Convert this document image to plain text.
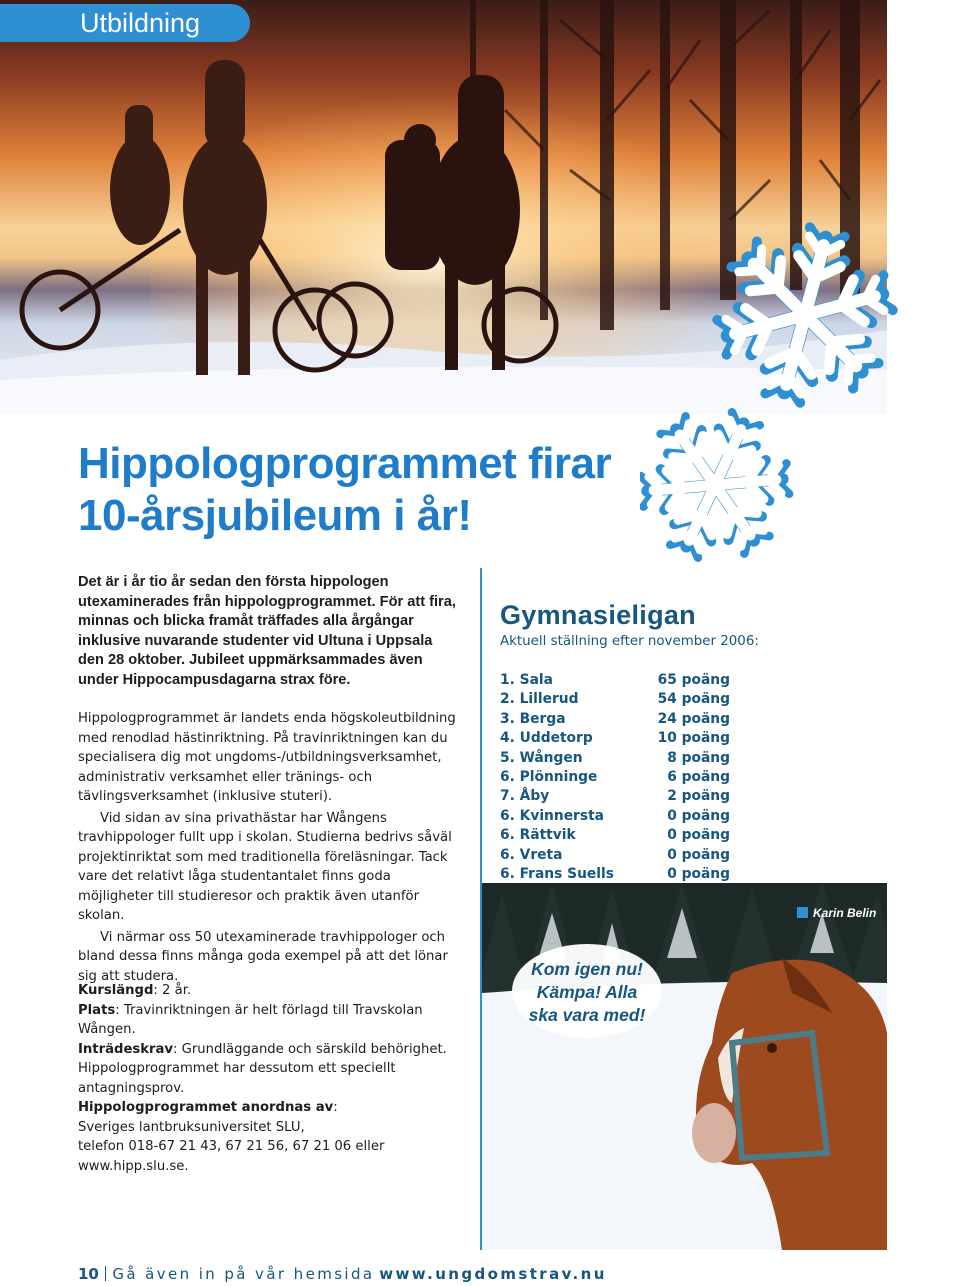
Utbildning
Hippologprogrammet firar 10-årsjubileum i år!

Det är i år tio år sedan den första hippologen utexaminerades från hippologprogrammet. För att fira, minnas och blicka framåt träffades alla årgångar inklusive nuvarande studenter vid Ultuna i Uppsala den 28 oktober. Jubileet uppmärksammades även under Hippocampusdagarna strax före.

Hippologprogrammet är landets enda högskoleutbildning med renodlad hästinriktning. På travinriktningen kan du specialisera dig mot ungdoms-/utbildningsverksamhet, administrativ verksamhet eller tränings- och tävlingsverksamhet (inklusive stuteri).

Vid sidan av sina privathästar har Wångens travhippologer fullt upp i skolan. Studierna bedrivs såväl projektinriktat som med traditionella föreläsningar. Tack vare det relativt låga studentantalet finns goda möjligheter till studieresor och praktik även utanför skolan.

Vi närmar oss 50 utexaminerade travhippologer och bland dessa finns många goda exempel på att det lönar sig att studera.

Kurslängd: 2 år.

Plats: Travinriktningen är helt förlagd till Travskolan Wången.

Inträdeskrav: Grundläggande och särskild behörighet.

Hippologprogrammet har dessutom ett speciellt antagningsprov.

Hippologprogrammet anordnas av:

Sveriges lantbruksuniversitet SLU,

telefon 018-67 21 43, 67 21 56, 67 21 06 eller

www.hipp.slu.se.

Gymnasieligan
Aktuell ställning efter november 2006:
1. Sala	65 poäng
2. Lillerud	54 poäng
3. Berga	24 poäng
4. Uddetorp	10 poäng
5. Wången	8 poäng
6. Plönninge	6 poäng
7. Åby	2 poäng
6. Kvinnersta	0 poäng
6. Rättvik	0 poäng
6. Vreta	0 poäng
6. Frans Suells	0 poäng
Karin Belin
Kom igen nu!
Kämpa! Alla
ska vara med!
10 Gå även in på vår hemsida www.ungdomstrav.nu
